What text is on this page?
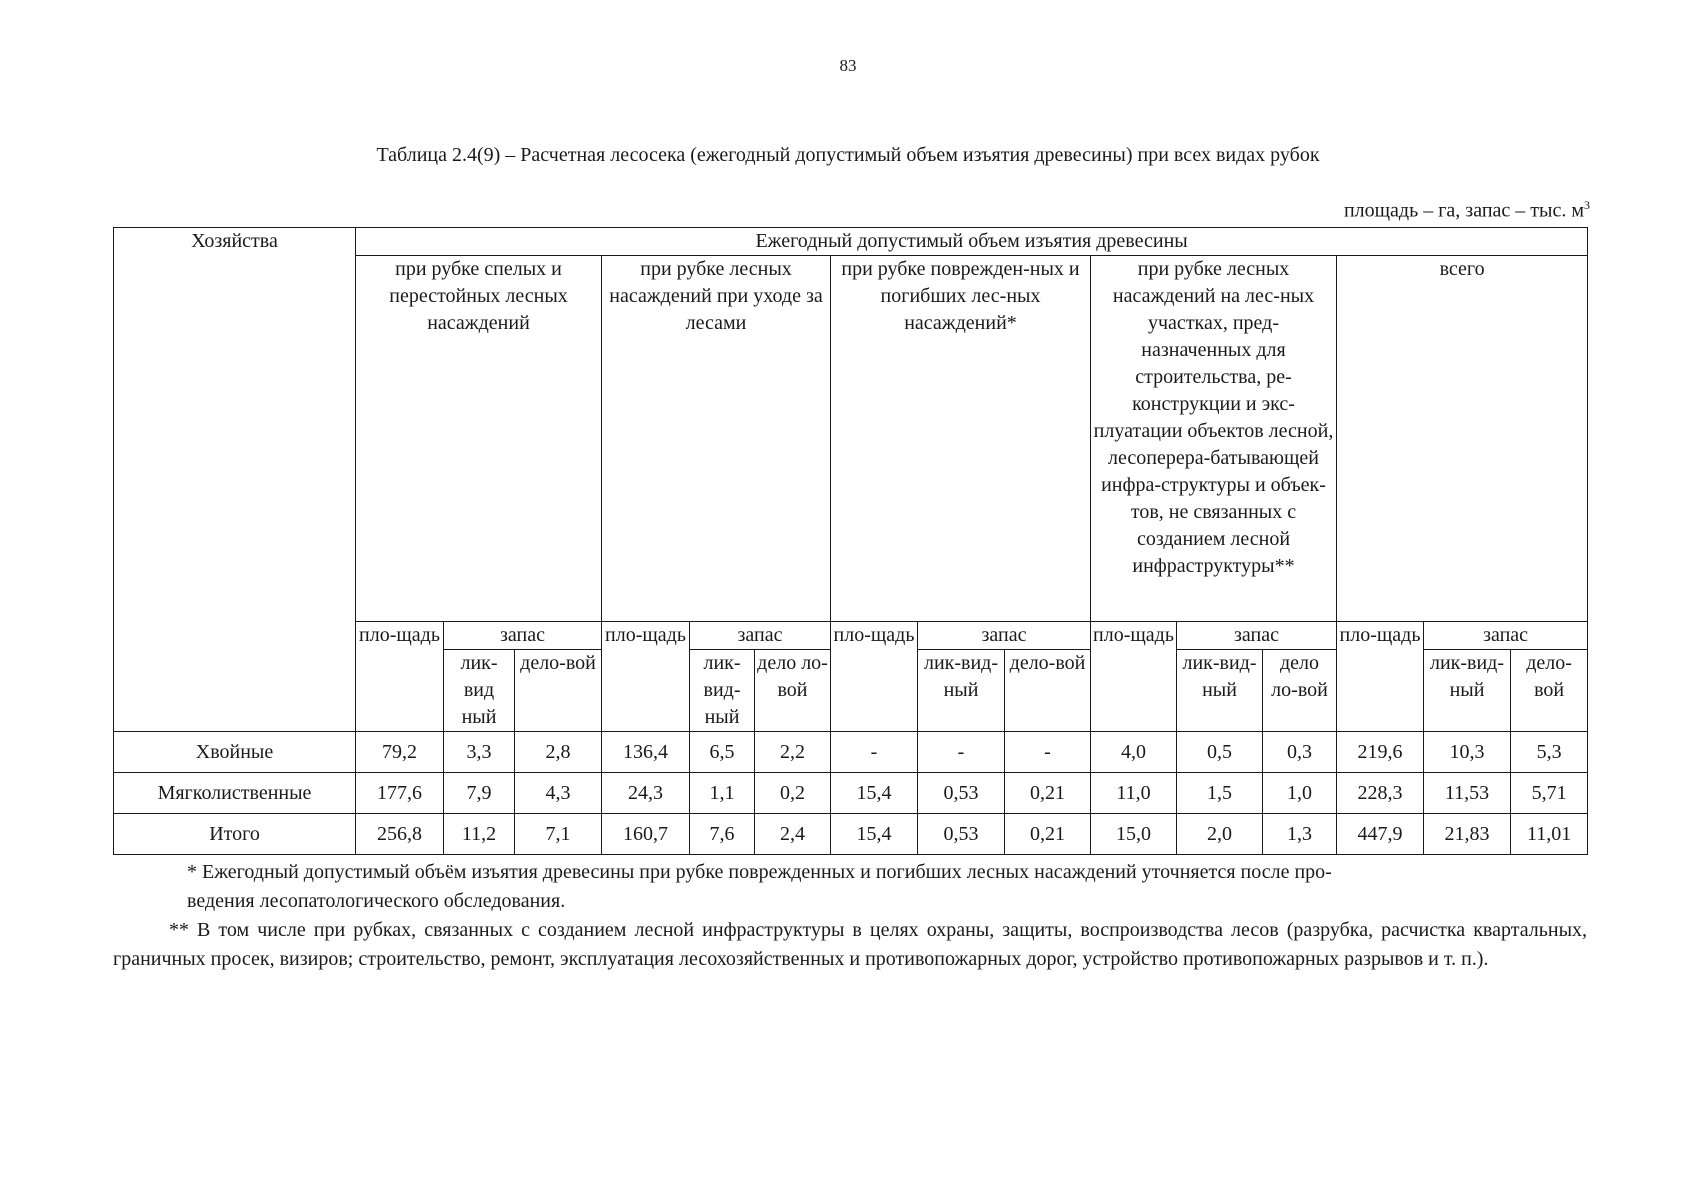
83
Таблица 2.4(9) – Расчетная лесосека (ежегодный допустимый объем изъятия древесины) при всех видах рубок
площадь – га, запас – тыс. $м^3$
Хозяйства	Ежегодный допустимый объем изъятия древесины														
	при рубке спелых и перестойных лесных насаждений			при рубке лесных насаждений при уходе за лесами			при рубке поврежден-ных и погибших лес-ных насаждений*			при рубке лесных насаждений на лес-ных участках, пред-назначенных для строительства, ре-конструкции и экс-плуатации объектов лесной, лесоперера-батывающей инфра-структуры и объек-тов, не связанных с созданием лесной инфраструктуры**			всего		
	пло-щадь	запас		пло-щадь	запас		пло-щадь	запас		пло-щадь	запас		пло-щадь	запас	
		лик-вид ный	дело-вой		лик-вид-ный	дело ло-вой		лик-вид-ный	дело-вой		лик-вид-ный	дело ло-вой		лик-вид-ный	дело-вой
Хвойные	79,2	3,3	2,8	136,4	6,5	2,2	-	-	-	4,0	0,5	0,3	219,6	10,3	5,3
Мягколиственные	177,6	7,9	4,3	24,3	1,1	0,2	15,4	0,53	0,21	11,0	1,5	1,0	228,3	11,53	5,71
Итого	256,8	11,2	7,1	160,7	7,6	2,4	15,4	0,53	0,21	15,0	2,0	1,3	447,9	21,83	11,01

* Ежегодный допустимый объём изъятия древесины при рубке поврежденных и погибших лесных насаждений уточняется после про-
ведения лесопатологического обследования.

** В том числе при рубках, связанных с созданием лесной инфраструктуры в целях охраны, защиты, воспроизводства лесов (разрубка, расчистка квартальных, граничных просек, визиров; строительство, ремонт, эксплуатация лесохозяйственных и противопожарных дорог, устройство противопожарных разрывов и т. п.).
